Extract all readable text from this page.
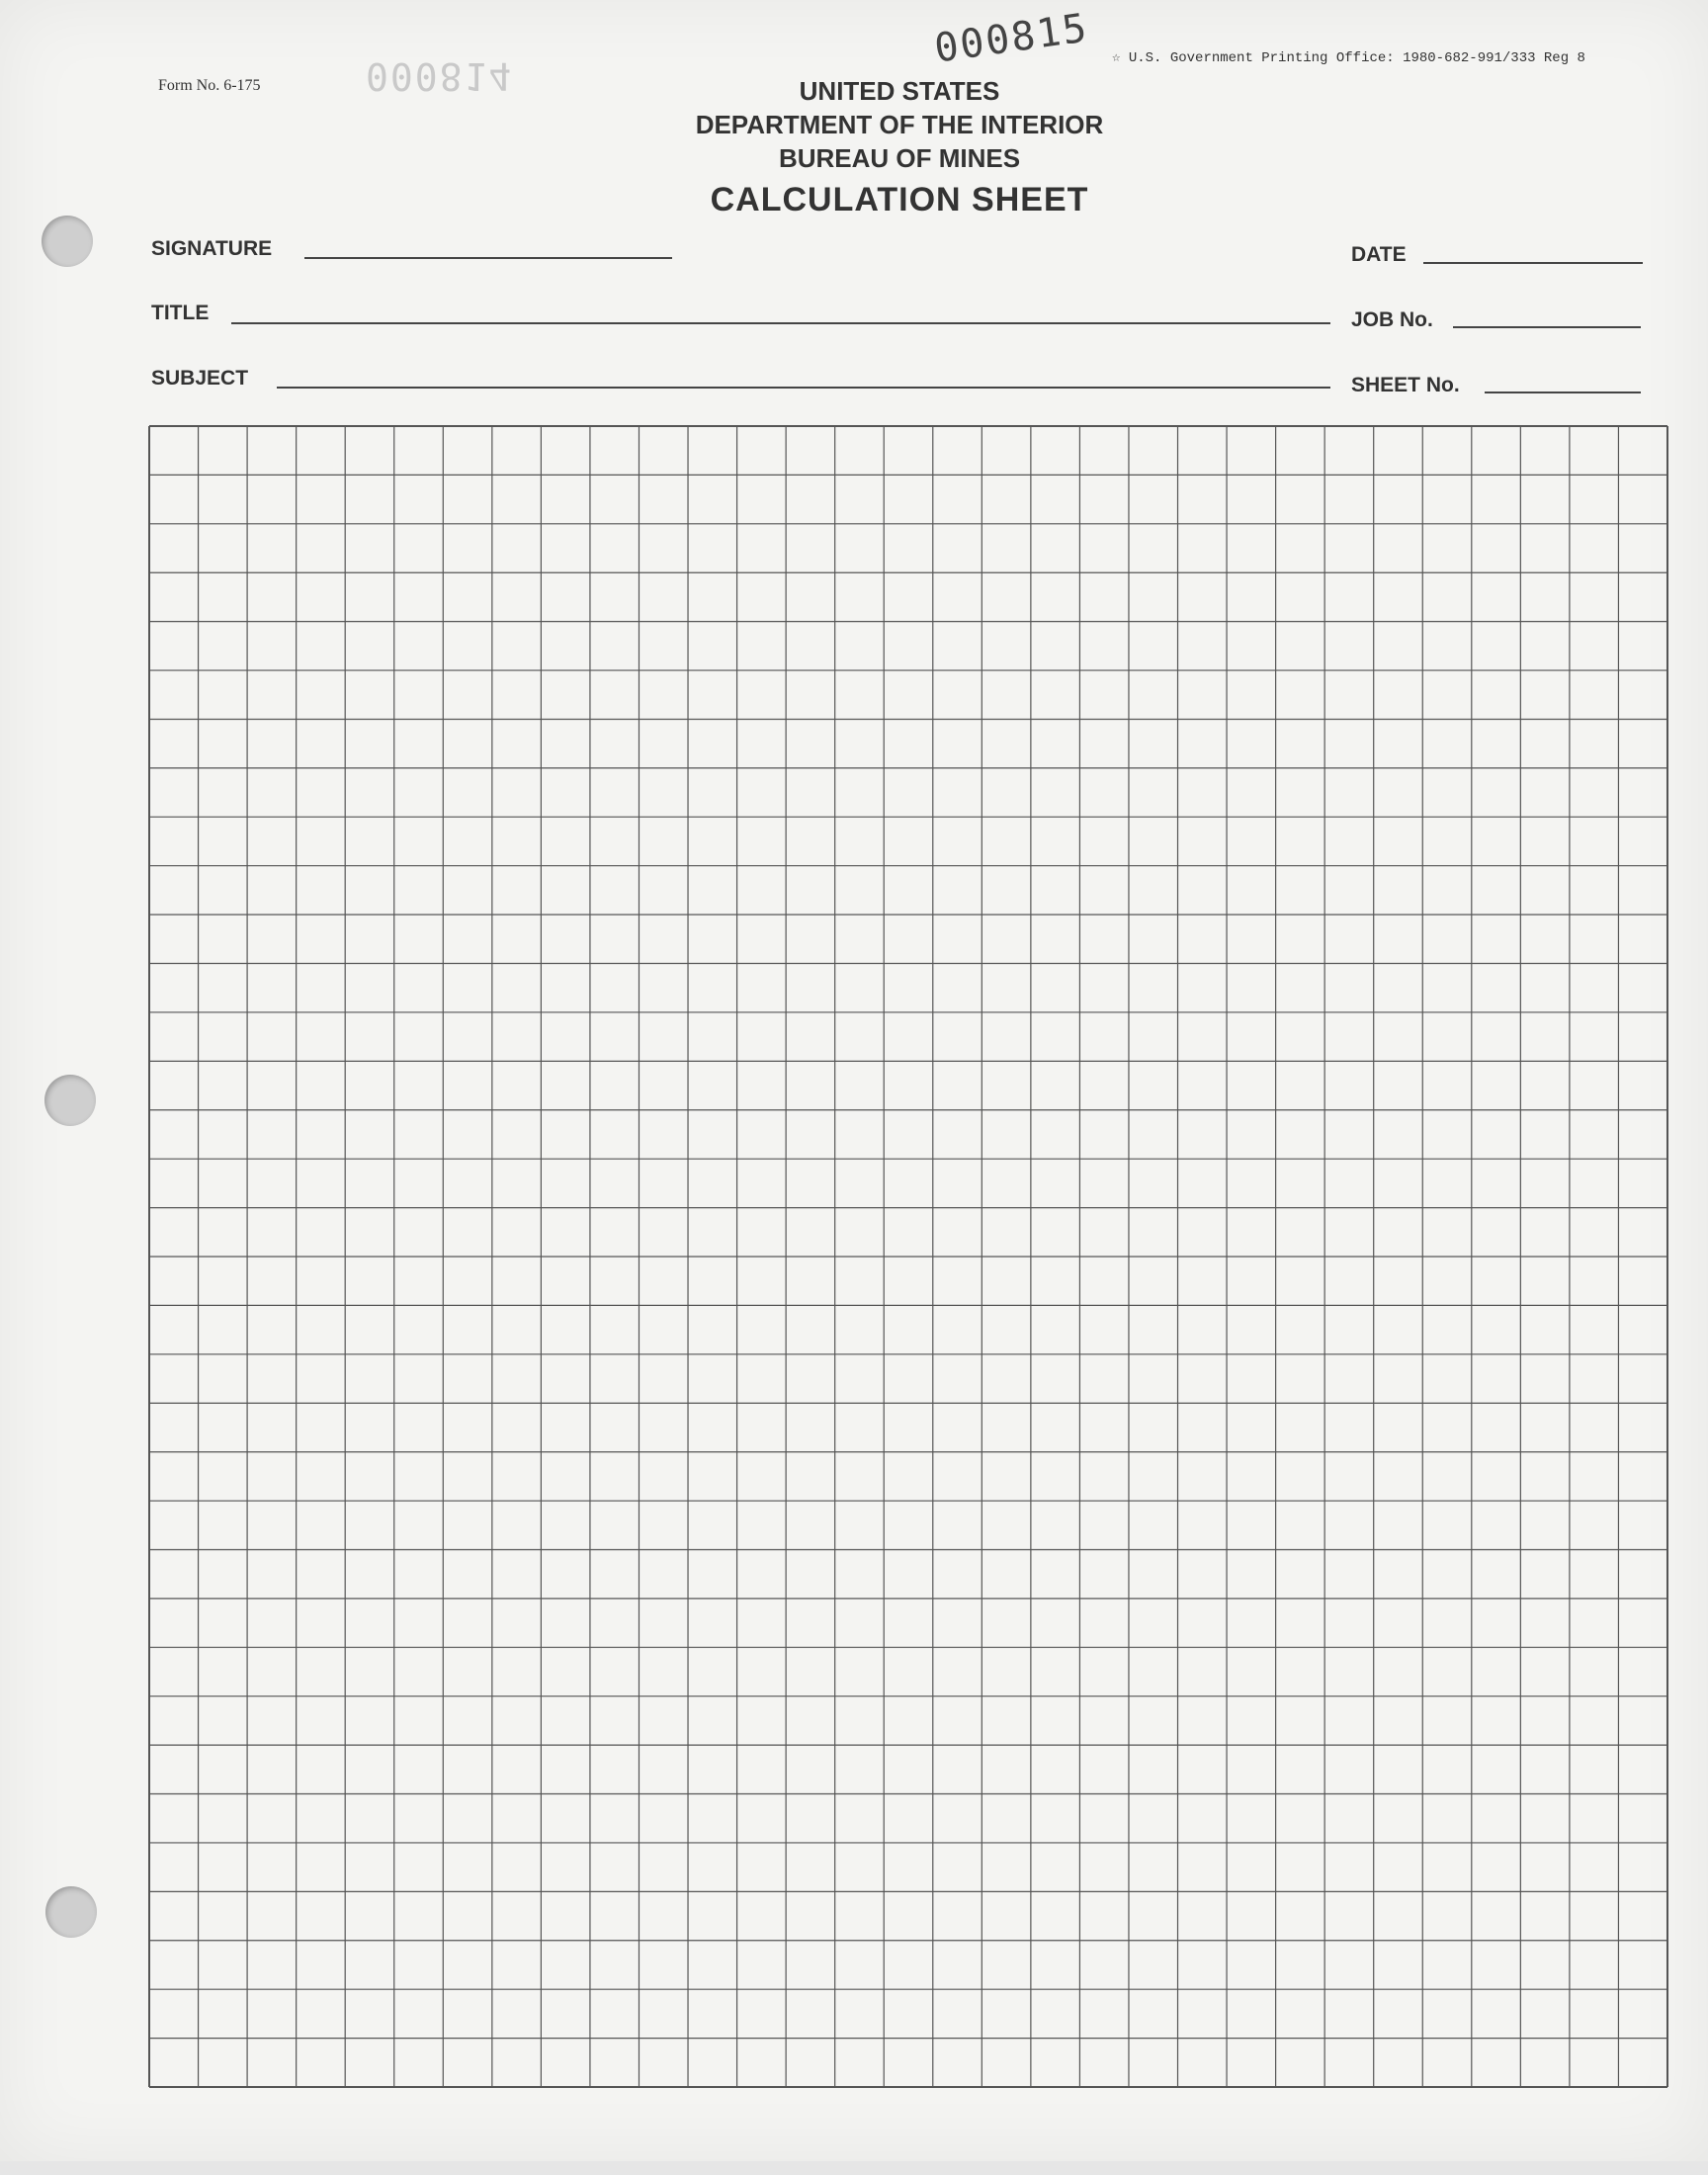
Form No. 6-175	000814
000815 ☆ U.S. Government Printing Office: 1980-682-991/333 Reg 8
UNITED STATES
DEPARTMENT OF THE INTERIOR
BUREAU OF MINES
CALCULATION SHEET
SIGNATURE	DATE
TITLE	JOB No.
SUBJECT	SHEET No.
